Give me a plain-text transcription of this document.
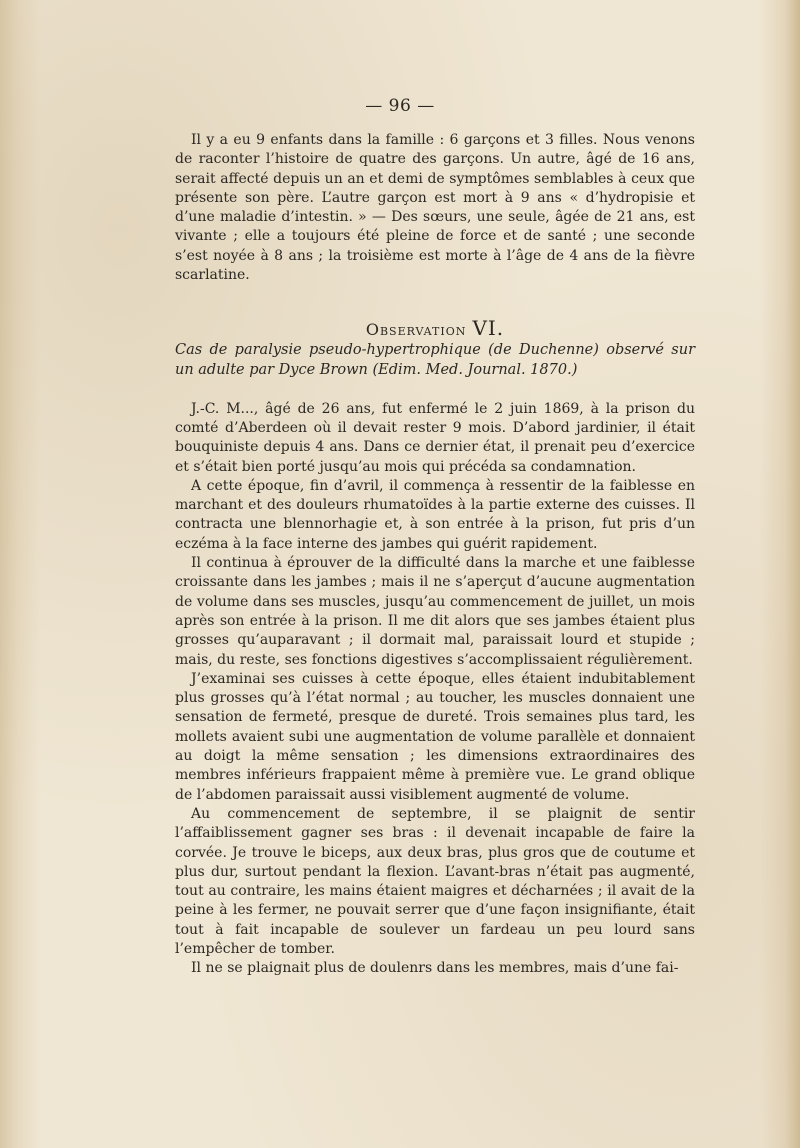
— 96 —

Il y a eu 9 enfants dans la famille : 6 garçons et 3 filles. Nous venons de raconter l’histoire de quatre des garçons. Un autre, âgé de 16 ans, serait affecté depuis un an et demi de symptômes semblables à ceux que présente son père. L’autre garçon est mort à 9 ans « d’hydropisie et d’une maladie d’intestin. » — Des sœurs, une seule, âgée de 21 ans, est vivante ; elle a toujours été pleine de force et de santé ; une seconde s’est noyée à 8 ans ; la troisième est morte à l’âge de 4 ans de la fièvre scarlatine.

Observation VI.

Cas de paralysie pseudo-hypertrophique (de Duchenne) observé sur un adulte par Dyce Brown (Edim. Med. Journal. 1870.)

J.-C. M..., âgé de 26 ans, fut enfermé le 2 juin 1869, à la prison du comté d’Aberdeen où il devait rester 9 mois. D’abord jardinier, il était bouquiniste depuis 4 ans. Dans ce dernier état, il prenait peu d’exercice et s’était bien porté jusqu’au mois qui précéda sa condamnation.

A cette époque, fin d’avril, il commença à ressentir de la faiblesse en marchant et des douleurs rhumatoïdes à la partie externe des cuisses. Il contracta une blennorhagie et, à son entrée à la prison, fut pris d’un eczéma à la face interne des jambes qui guérit rapidement.

Il continua à éprouver de la difficulté dans la marche et une faiblesse croissante dans les jambes ; mais il ne s’aperçut d’aucune augmentation de volume dans ses muscles, jusqu’au commencement de juillet, un mois après son entrée à la prison. Il me dit alors que ses jambes étaient plus grosses qu’auparavant ; il dormait mal, paraissait lourd et stupide ; mais, du reste, ses fonctions digestives s’accomplissaient régulièrement.

J’examinai ses cuisses à cette époque, elles étaient indubitablement plus grosses qu’à l’état normal ; au toucher, les muscles donnaient une sensation de fermeté, presque de dureté. Trois semaines plus tard, les mollets avaient subi une augmentation de volume parallèle et donnaient au doigt la même sensation ; les dimensions extraordinaires des membres inférieurs frappaient même à première vue. Le grand oblique de l’abdomen paraissait aussi visiblement augmenté de volume.

Au commencement de septembre, il se plaignit de sentir l’affaiblissement gagner ses bras : il devenait incapable de faire la corvée. Je trouve le biceps, aux deux bras, plus gros que de coutume et plus dur, surtout pendant la flexion. L’avant-bras n’était pas augmenté, tout au contraire, les mains étaient maigres et décharnées ; il avait de la peine à les fermer, ne pouvait serrer que d’une façon insignifiante, était tout à fait incapable de soulever un fardeau un peu lourd sans l’empêcher de tomber.

Il ne se plaignait plus de doulenrs dans les membres, mais d’une fai-
